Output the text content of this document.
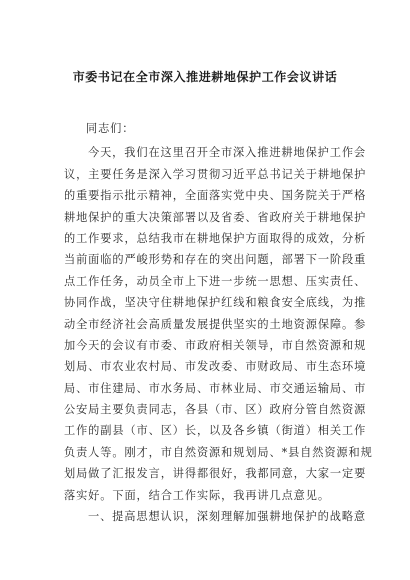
市委书记在全市深入推进耕地保护工作会议讲话
同志们：
今天，我们在这里召开全市深入推进耕地保护工作会
议，主要任务是深入学习贯彻习近平总书记关于耕地保护
的重要指示批示精神，全面落实党中央、国务院关于严格
耕地保护的重大决策部署以及省委、省政府关于耕地保护
的工作要求，总结我市在耕地保护方面取得的成效，分析
当前面临的严峻形势和存在的突出问题，部署下一阶段重
点工作任务，动员全市上下进一步统一思想、压实责任、
协同作战，坚决守住耕地保护红线和粮食安全底线，为推
动全市经济社会高质量发展提供坚实的土地资源保障。参
加今天的会议有市委、市政府相关领导，市自然资源和规
划局、市农业农村局、市发改委、市财政局、市生态环境
局、市住建局、市水务局、市林业局、市交通运输局、市
公安局主要负责同志，各县（市、区）政府分管自然资源
工作的副县（市、区）长，以及各乡镇（街道）相关工作
负责人等。刚才，市自然资源和规划局、*县自然资源和规
划局做了汇报发言，讲得都很好，我都同意，大家一定要
落实好。下面，结合工作实际，我再讲几点意见。
一、提高思想认识，深刻理解加强耕地保护的战略意
